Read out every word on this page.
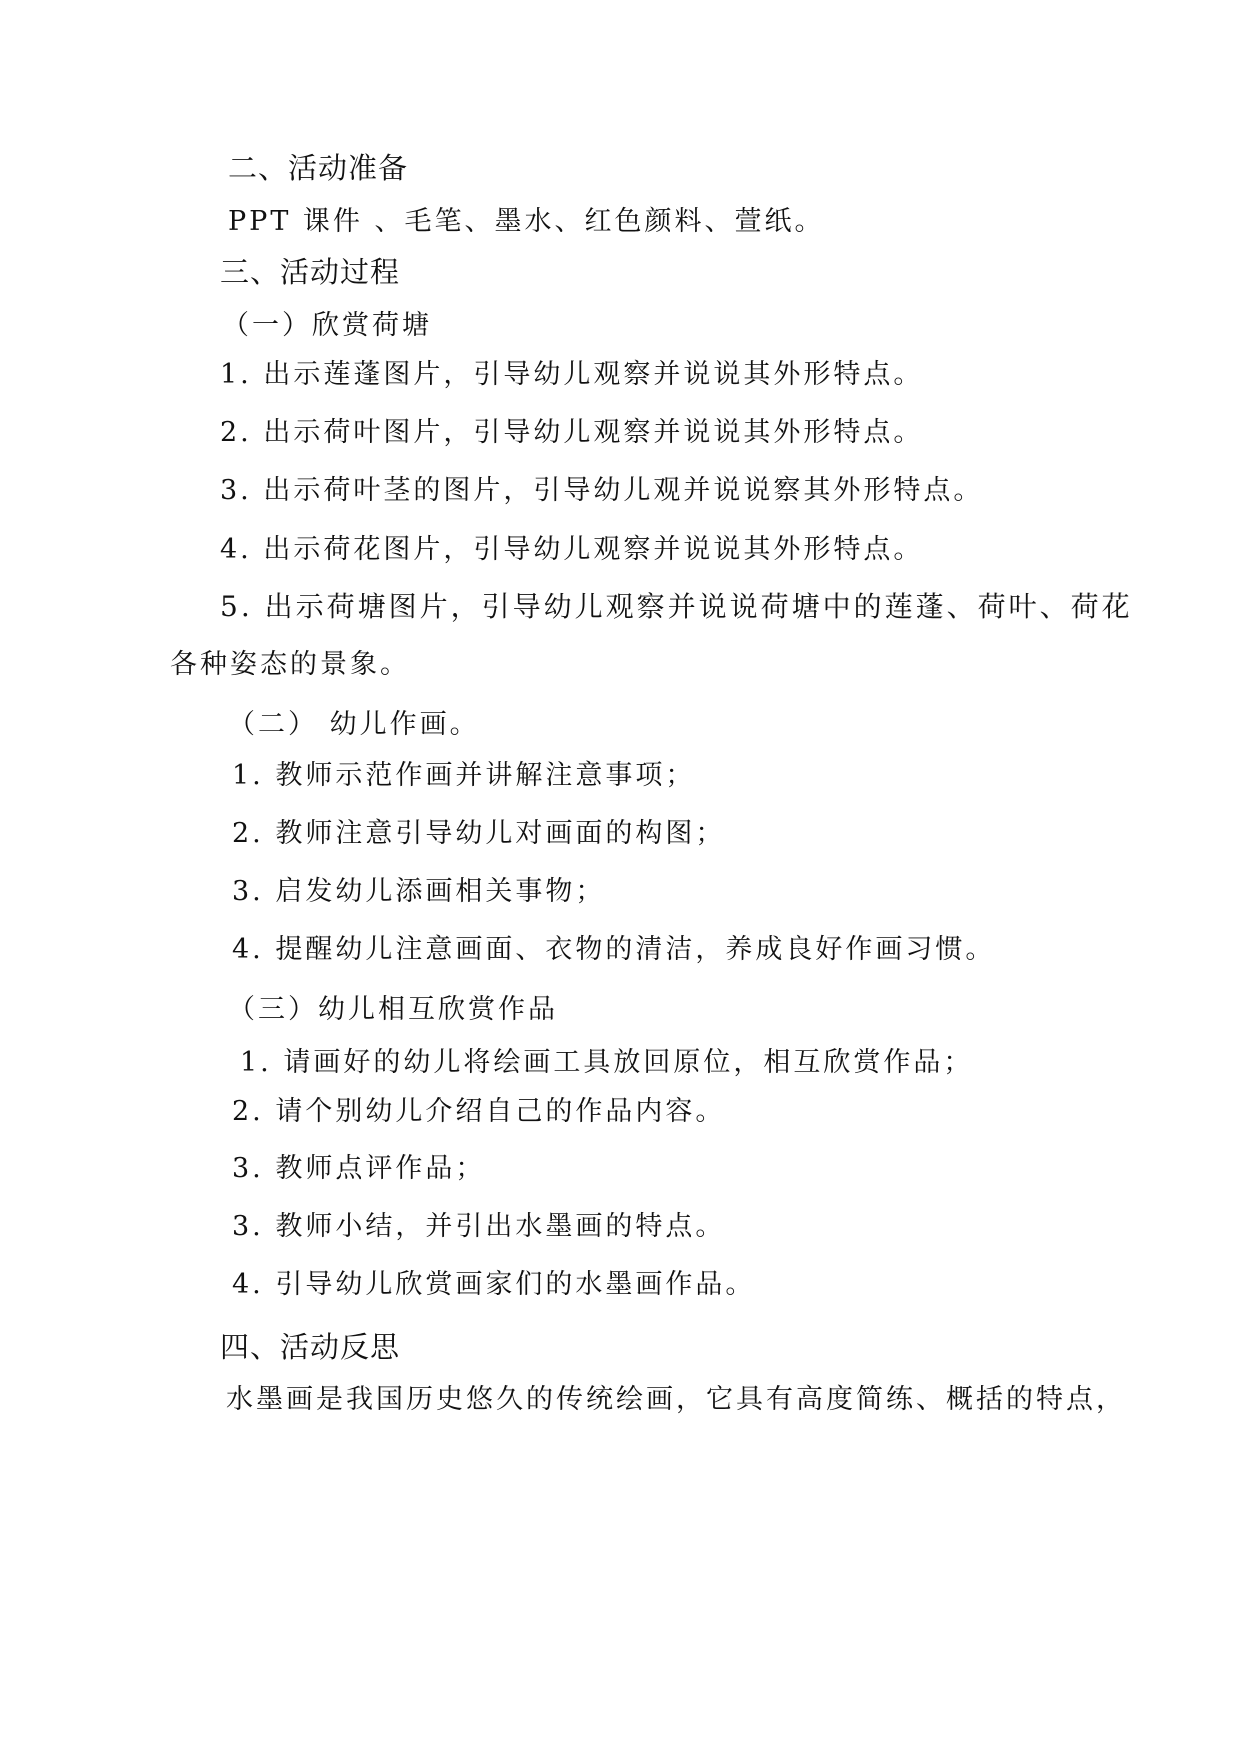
二、活动准备
PPT 课件 、毛笔、墨水、红色颜料、萱纸。
三、活动过程
（一）欣赏荷塘
1. 出示莲蓬图片，引导幼儿观察并说说其外形特点。
2. 出示荷叶图片，引导幼儿观察并说说其外形特点。
3. 出示荷叶茎的图片，引导幼儿观并说说察其外形特点。
4. 出示荷花图片，引导幼儿观察并说说其外形特点。
5. 出示荷塘图片，引导幼儿观察并说说荷塘中的莲蓬、荷叶、荷花
各种姿态的景象。
（二） 幼儿作画。
1. 教师示范作画并讲解注意事项；
2. 教师注意引导幼儿对画面的构图；
3. 启发幼儿添画相关事物；
4. 提醒幼儿注意画面、衣物的清洁，养成良好作画习惯。
（三）幼儿相互欣赏作品
1. 请画好的幼儿将绘画工具放回原位，相互欣赏作品；
2. 请个别幼儿介绍自己的作品内容。
3. 教师点评作品；
3. 教师小结，并引出水墨画的特点。
4. 引导幼儿欣赏画家们的水墨画作品。
四、活动反思
水墨画是我国历史悠久的传统绘画，它具有高度简练、概括的特点，
